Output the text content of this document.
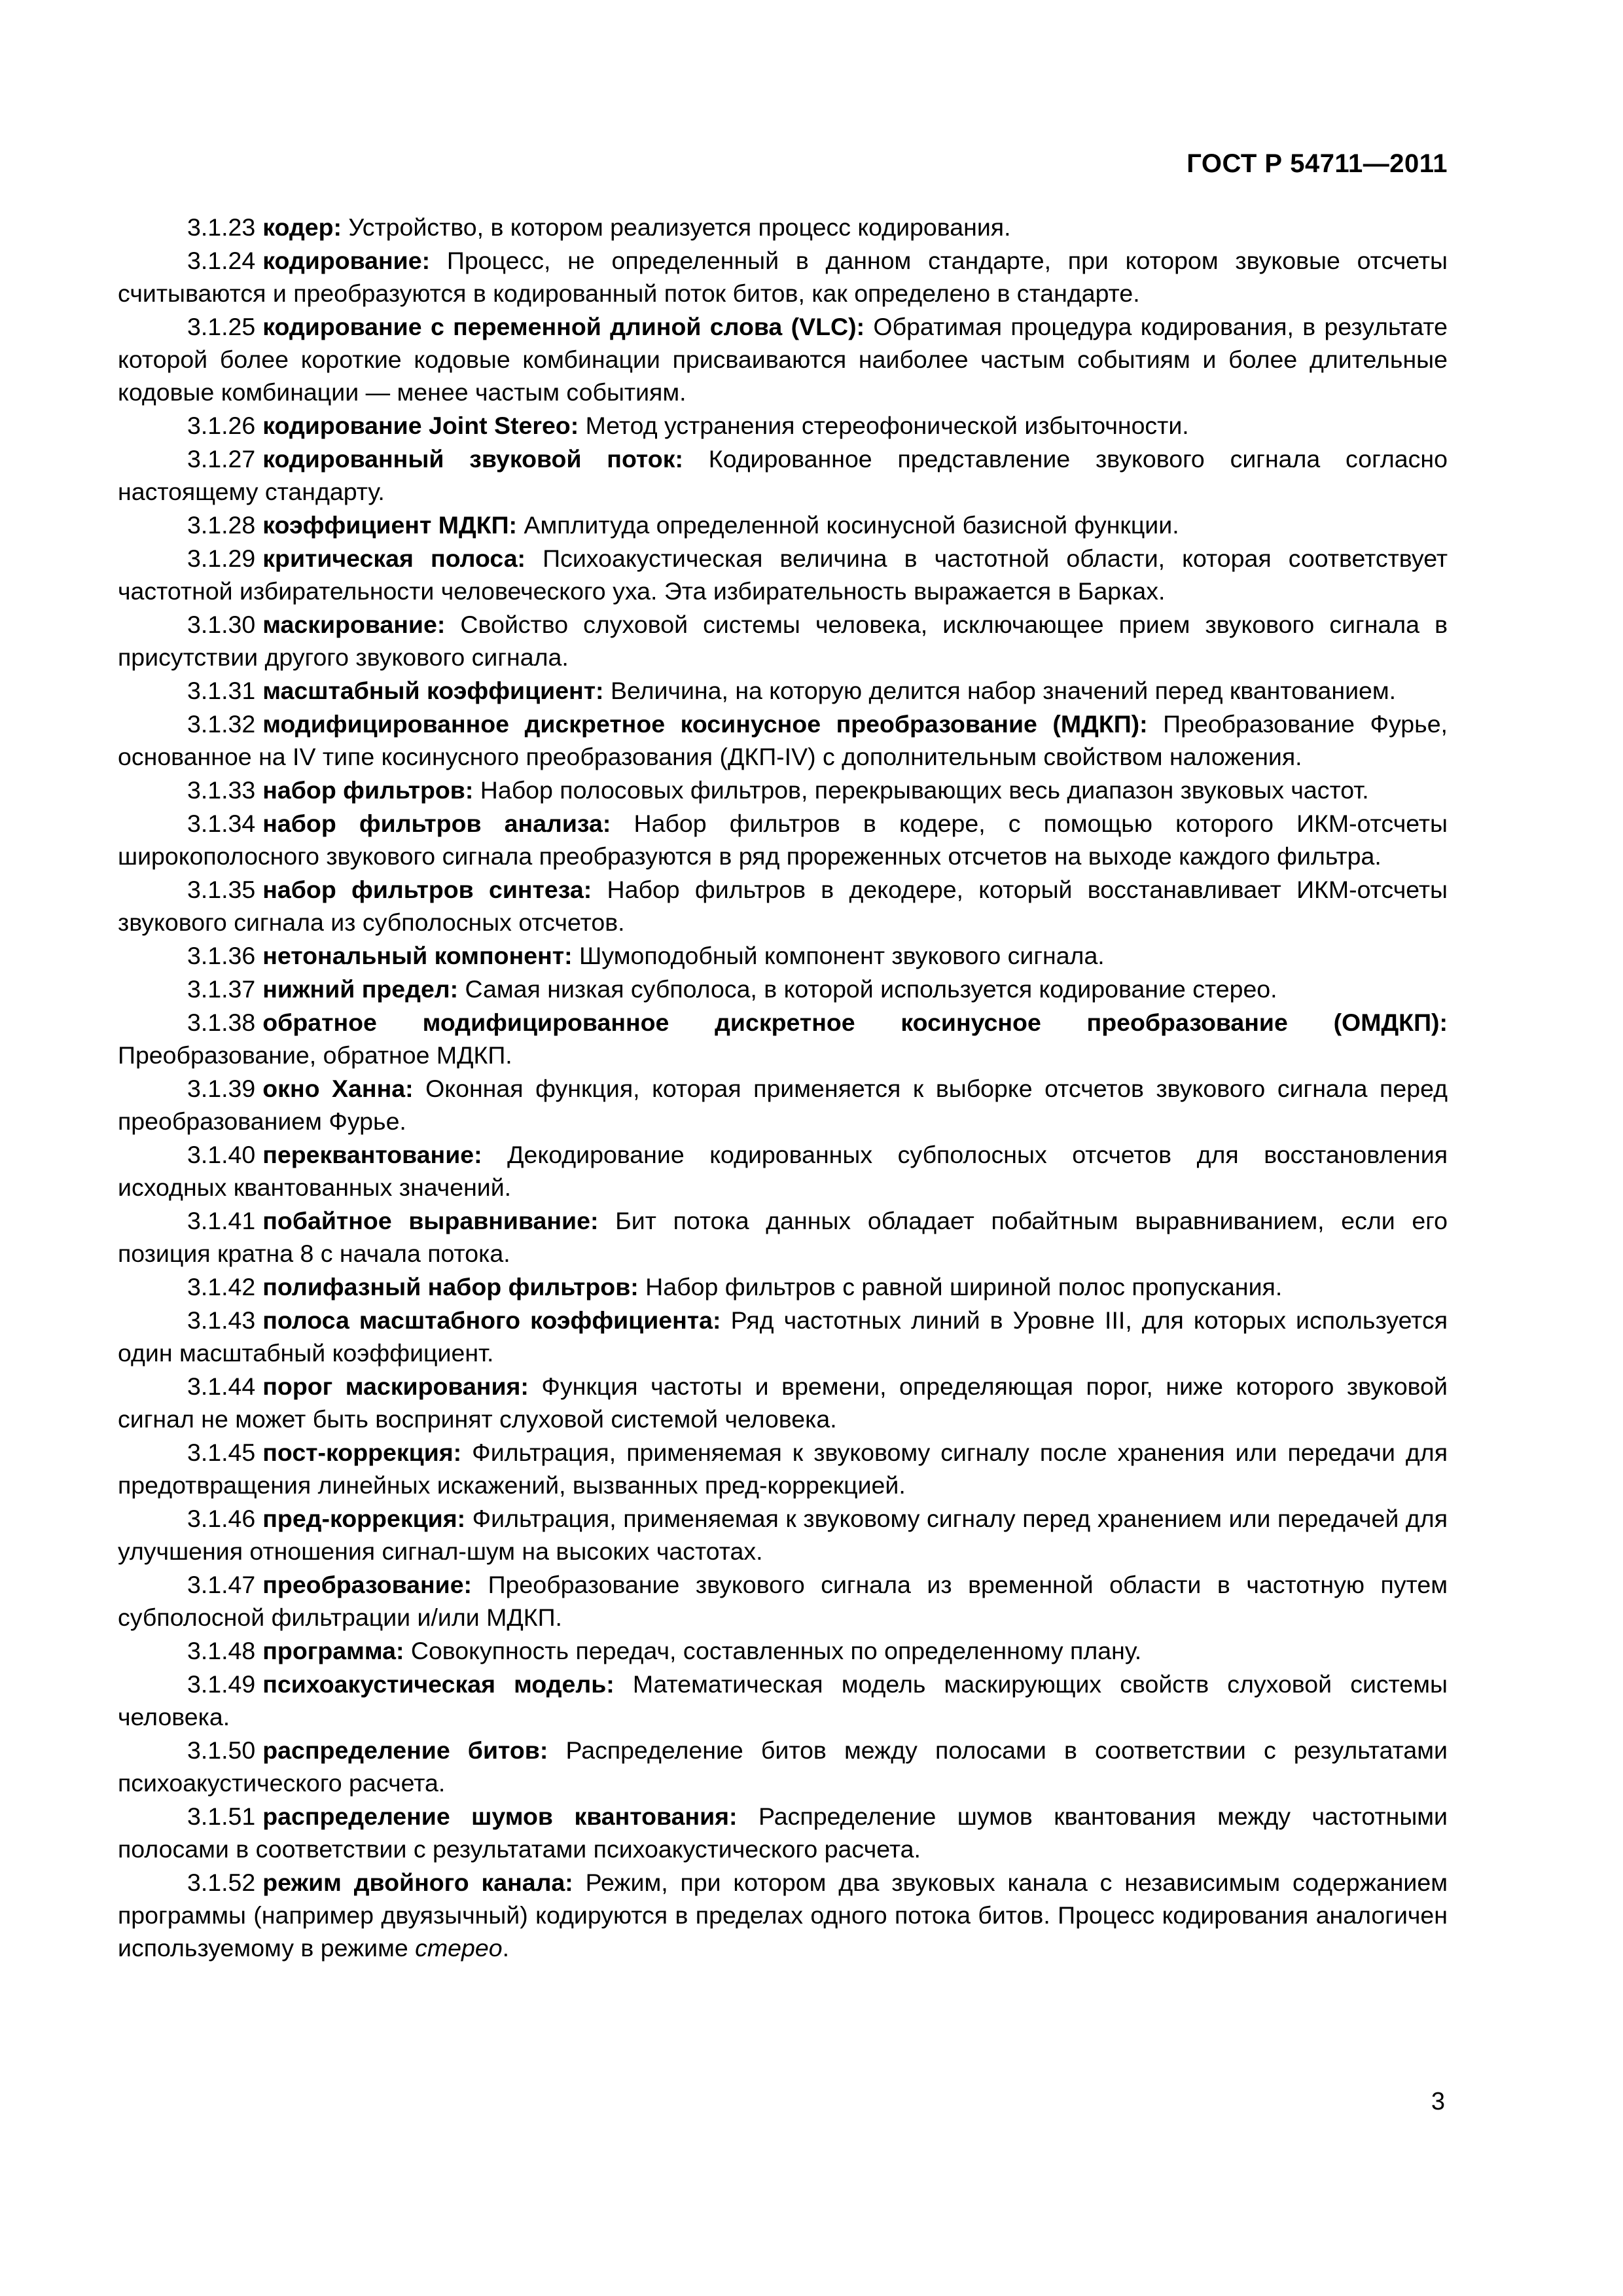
ГОСТ Р 54711—2011

3.1.23 кодер: Устройство, в котором реализуется процесс кодирования.

3.1.24 кодирование: Процесс, не определенный в данном стандарте, при котором звуковые отсчеты считываются и преобразуются в кодированный поток битов, как определено в стандарте.

3.1.25 кодирование с переменной длиной слова (VLC): Обратимая процедура кодирования, в результате которой более короткие кодовые комбинации присваиваются наиболее частым событиям и более длительные кодовые комбинации — менее частым событиям.

3.1.26 кодирование Joint Stereo: Метод устранения стереофонической избыточности.

3.1.27 кодированный звуковой поток: Кодированное представление звукового сигнала согласно настоящему стандарту.

3.1.28 коэффициент МДКП: Амплитуда определенной косинусной базисной функции.

3.1.29 критическая полоса: Психоакустическая величина в частотной области, которая соответствует частотной избирательности человеческого уха. Эта избирательность выражается в Барках.

3.1.30 маскирование: Свойство слуховой системы человека, исключающее прием звукового сигнала в присутствии другого звукового сигнала.

3.1.31 масштабный коэффициент: Величина, на которую делится набор значений перед квантованием.

3.1.32 модифицированное дискретное косинусное преобразование (МДКП): Преобразование Фурье, основанное на IV типе косинусного преобразования (ДКП-IV) с дополнительным свойством наложения.

3.1.33 набор фильтров: Набор полосовых фильтров, перекрывающих весь диапазон звуковых частот.

3.1.34 набор фильтров анализа: Набор фильтров в кодере, с помощью которого ИКМ-отсчеты широкополосного звукового сигнала преобразуются в ряд прореженных отсчетов на выходе каждого фильтра.

3.1.35 набор фильтров синтеза: Набор фильтров в декодере, который восстанавливает ИКМ-отсчеты звукового сигнала из субполосных отсчетов.

3.1.36 нетональный компонент: Шумоподобный компонент звукового сигнала.

3.1.37 нижний предел: Самая низкая субполоса, в которой используется кодирование стерео.

3.1.38 обратное модифицированное дискретное косинусное преобразование (ОМДКП): Преобразование, обратное МДКП.

3.1.39 окно Ханна: Оконная функция, которая применяется к выборке отсчетов звукового сигнала перед преобразованием Фурье.

3.1.40 переквантование: Декодирование кодированных субполосных отсчетов для восстановления исходных квантованных значений.

3.1.41 побайтное выравнивание: Бит потока данных обладает побайтным выравниванием, если его позиция кратна 8 с начала потока.

3.1.42 полифазный набор фильтров: Набор фильтров с равной шириной полос пропускания.

3.1.43 полоса масштабного коэффициента: Ряд частотных линий в Уровне III, для которых используется один масштабный коэффициент.

3.1.44 порог маскирования: Функция частоты и времени, определяющая порог, ниже которого звуковой сигнал не может быть воспринят слуховой системой человека.

3.1.45 пост-коррекция: Фильтрация, применяемая к звуковому сигналу после хранения или передачи для предотвращения линейных искажений, вызванных пред-коррекцией.

3.1.46 пред-коррекция: Фильтрация, применяемая к звуковому сигналу перед хранением или передачей для улучшения отношения сигнал-шум на высоких частотах.

3.1.47 преобразование: Преобразование звукового сигнала из временной области в частотную путем субполосной фильтрации и/или МДКП.

3.1.48 программа: Совокупность передач, составленных по определенному плану.

3.1.49 психоакустическая модель: Математическая модель маскирующих свойств слуховой системы человека.

3.1.50 распределение битов: Распределение битов между полосами в соответствии с результатами психоакустического расчета.

3.1.51 распределение шумов квантования: Распределение шумов квантования между частотными полосами в соответствии с результатами психоакустического расчета.

3.1.52 режим двойного канала: Режим, при котором два звуковых канала с независимым содержанием программы (например двуязычный) кодируются в пределах одного потока битов. Процесс кодирования аналогичен используемому в режиме стерео.

3
